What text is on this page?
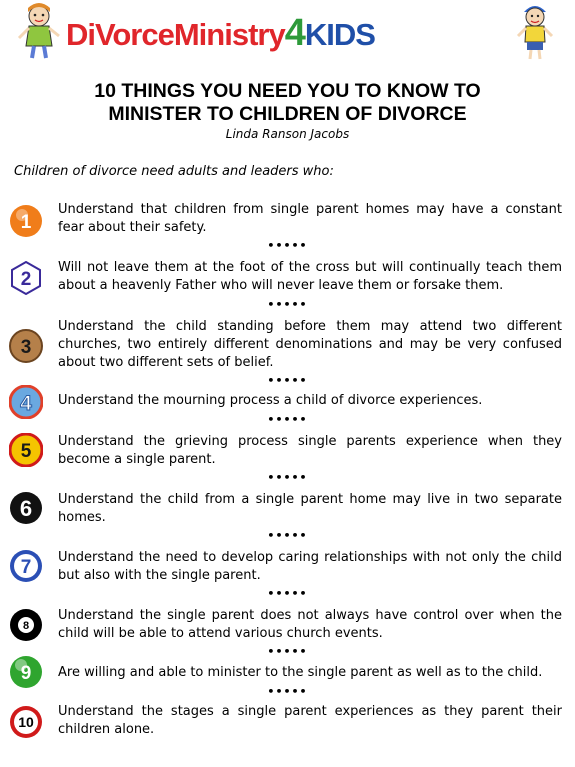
DiVorceMinistry4KIDS
10 THINGS YOU NEED YOU TO KNOW TO
MINISTER TO CHILDREN OF DIVORCE
Linda Ranson Jacobs
Children of divorce need adults and leaders who:
1
Understand that children from single parent homes may have a constant fear about their safety.
•••••
2
Will not leave them at the foot of the cross but will continually teach them about a heavenly Father who will never leave them or forsake them.
•••••
3
Understand the child standing before them may attend two different churches, two entirely different denominations and may be very confused about two different sets of belief.
•••••
4 Understand the mourning process a child of divorce experiences.
•••••
5 Understand the grieving process single parents experience when they become a single parent.
•••••
6 Understand the child from a single parent home may live in two separate homes.
•••••
7 Understand the need to develop caring relationships with not only the child but also with the single parent.
•••••
8
Understand the single parent does not always have control over when the child will be able to attend various church events.
•••••
9 Are willing and able to minister to the single parent as well as to the child.
•••••
10
Understand the stages a single parent experiences as they parent their children alone.
